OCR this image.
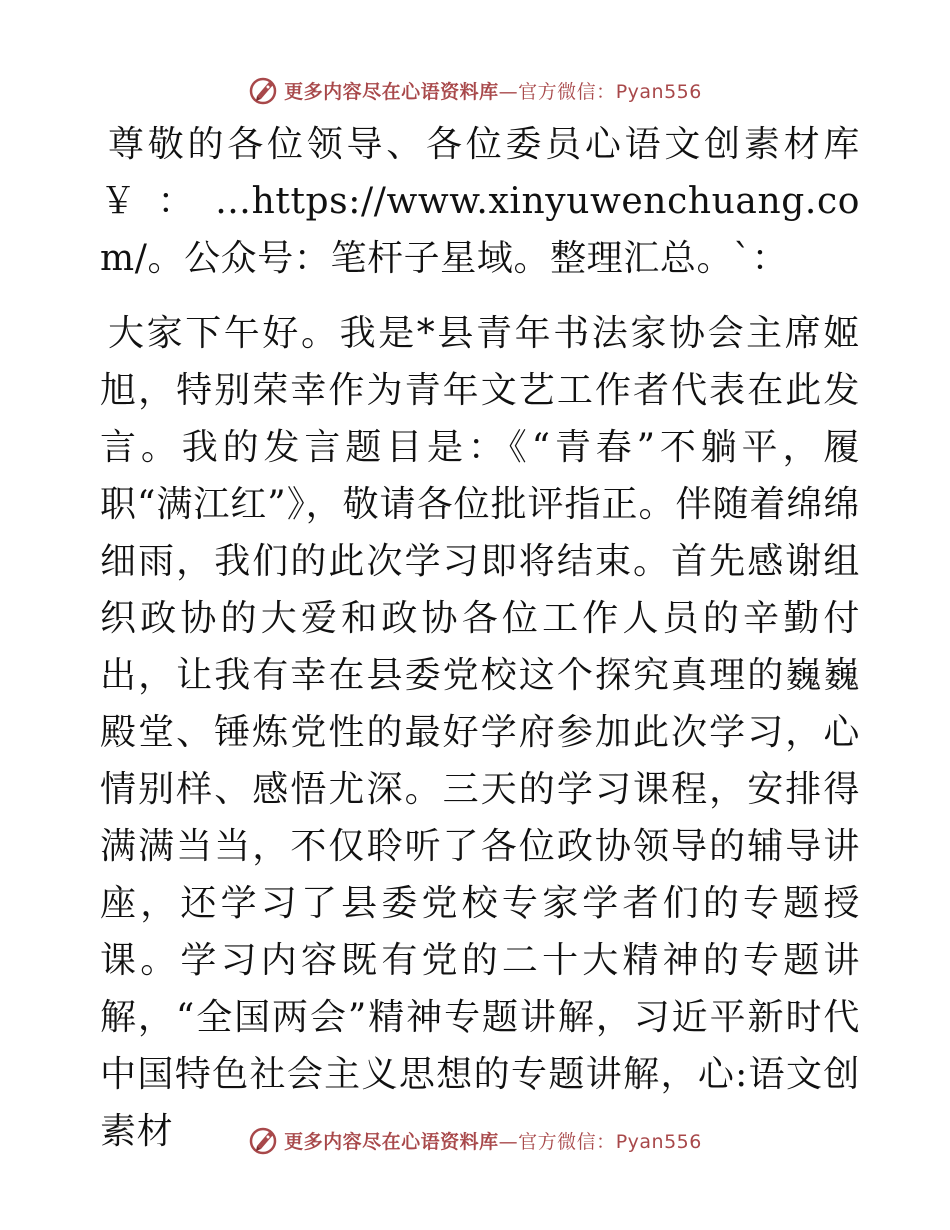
更多内容尽在心语资料库—官方微信：Pyan556

尊敬的各位领导、各位委员心语文创素材库￥：…https://www.xinyuwenchuang.com/。公众号：笔杆子星域。整理汇总。`：

大家下午好。我是*县青年书法家协会主席姬旭，特别荣幸作为青年文艺工作者代表在此发言。我的发言题目是：《“青春”不躺平，履职“满江红”》，敬请各位批评指正。伴随着绵绵细雨，我们的此次学习即将结束。首先感谢组织政协的大爱和政协各位工作人员的辛勤付出，让我有幸在县委党校这个探究真理的巍巍殿堂、锤炼党性的最好学府参加此次学习，心情别样、感悟尤深。三天的学习课程，安排得满满当当，不仅聆听了各位政协领导的辅导讲座，还学习了县委党校专家学者们的专题授课。学习内容既有党的二十大精神的专题讲解，“全国两会”精神专题讲解，习近平新时代中国特色社会主义思想的专题讲解，心:语文创素材	更多内容尽在心语资料库—官方微信：Pyan556
